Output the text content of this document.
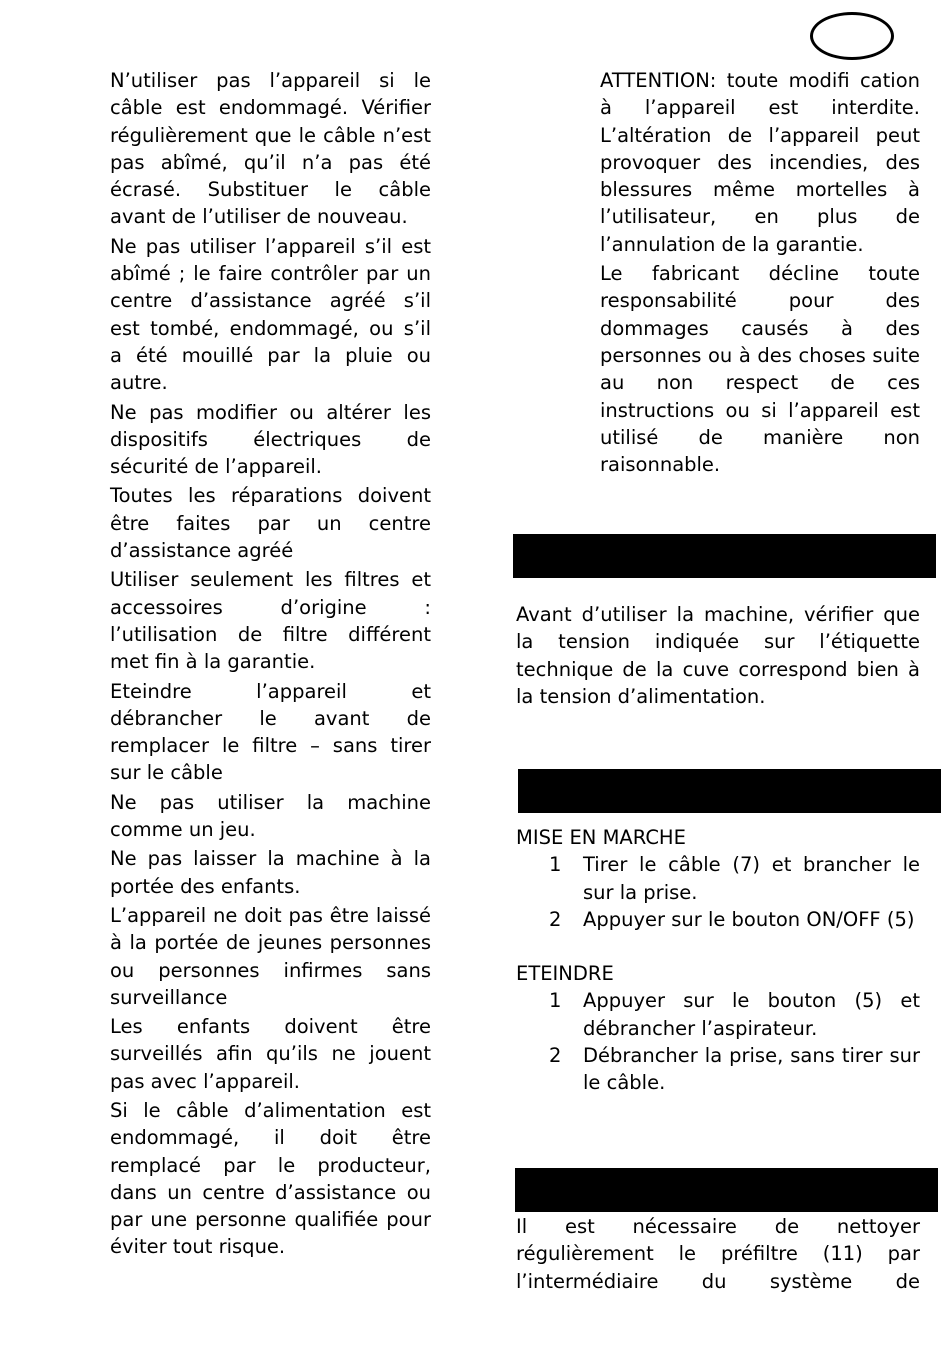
N’utiliser pas l’appareil si le câble est endommagé. Vérifier régulièrement que le câble n’est pas abîmé, qu’il n’a pas été écrasé. Substituer le câble avant de l’utiliser de nouveau.

Ne pas utiliser l’appareil s’il est abîmé ; le faire contrôler par un centre d’assistance agréé s’il est tombé, endommagé, ou s’il a été mouillé par la pluie ou autre.

Ne pas modifier ou altérer les dispositifs électriques de sécurité de l’appareil.

Toutes les réparations doivent être faites par un centre d’assistance agréé

Utiliser seulement les filtres et accessoires d’origine : l’utilisation de filtre différent met fin à la garantie.

Eteindre l’appareil et débrancher le avant de remplacer le filtre – sans tirer sur le câble

Ne pas utiliser la machine comme un jeu.

Ne pas laisser la machine à la portée des enfants.

L’appareil ne doit pas être laissé à la portée de jeunes personnes ou personnes infirmes sans surveillance

Les enfants doivent être surveillés afin qu’ils ne jouent pas avec l’appareil.

Si le câble d’alimentation est endommagé, il doit être remplacé par le producteur, dans un centre d’assistance ou par une personne qualifiée pour éviter tout risque.

ATTENTION: toute modifi cation à l’appareil est interdite. L’altération de l’appareil peut provoquer des incendies, des blessures même mortelles à l’utilisateur, en plus de l’annulation de la garantie.

Le fabricant décline toute responsabilité pour des dommages causés à des personnes ou à des choses suite au non respect de ces instructions ou si l’appareil est utilisé de manière non raisonnable.

Avant d’utiliser la machine, vérifier que la tension indiquée sur l’étiquette technique de la cuve correspond bien à la tension d’alimentation.

MISE EN MARCHE

1 Tirer le câble (7) et brancher le sur la prise.
2 Appuyer sur le bouton ON/OFF (5)

ETEINDRE

1 Appuyer sur le bouton (5) et débrancher l’aspirateur.
2 Débrancher la prise, sans tirer sur le câble.

Il est nécessaire de nettoyer régulièrement le préfiltre (11) par l’intermédiaire du système de
